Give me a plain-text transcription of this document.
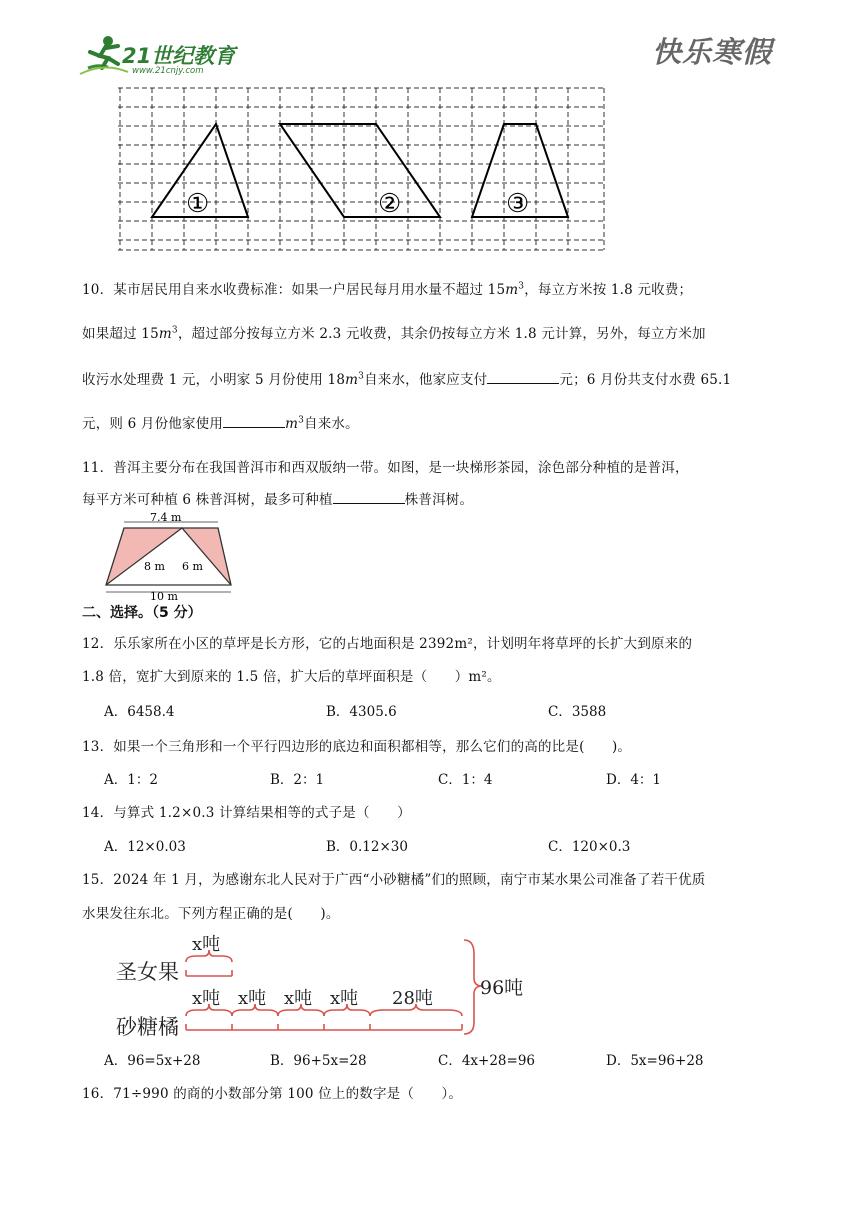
21世纪教育
www.21cnjy.com
快乐寒假
①	②	③
10．某市居民用自来水收费标准：如果一户居民每月用水量不超过 $15m^3$，每立方米按 1.8 元收费；
如果超过 $15m^3$，超过部分按每立方米 2.3 元收费，其余仍按每立方米 1.8 元计算，另外，每立方米加
收污水处理费 1 元，小明家 5 月份使用 $18m^3$自来水，他家应支付	元；6 月份共支付水费 65.1
元，则 6 月份他家使用	$m^3$自来水。
11．普洱主要分布在我国普洱市和西双版纳一带。如图，是一块梯形茶园，涂色部分种植的是普洱，
每平方米可种植 6 株普洱树，最多可种植	株普洱树。
7.4 m
8 m 6 m
10 m
二、选择。（5 分）
12．乐乐家所在小区的草坪是长方形，它的占地面积是 2392m²，计划明年将草坪的长扩大到原来的
1.8 倍，宽扩大到原来的 1.5 倍，扩大后的草坪面积是（　　）m²。
A．6458.4	B．4305.6	C．3588
13．如果一个三角形和一个平行四边形的底边和面积都相等，那么它们的高的比是(　　)。
A．1：2	B．2：1	C．1：4	D．4：1
14．与算式 1.2×0.3 计算结果相等的式子是（　　）
A．12×0.03	B．0.12×30	C．120×0.3
15．2024 年 1 月，为感谢东北人民对于广西“小砂糖橘”们的照顾，南宁市某水果公司准备了若干优质
水果发往东北。下列方程正确的是(　　)。
圣女果
砂糖橘
x吨
x吨 x吨 x吨 x吨 28吨 96吨
A．96=5x+28	B．96+5x=28	C．4x+28=96	D．5x=96+28
16．71÷990 的商的小数部分第 100 位上的数字是（　　）。
